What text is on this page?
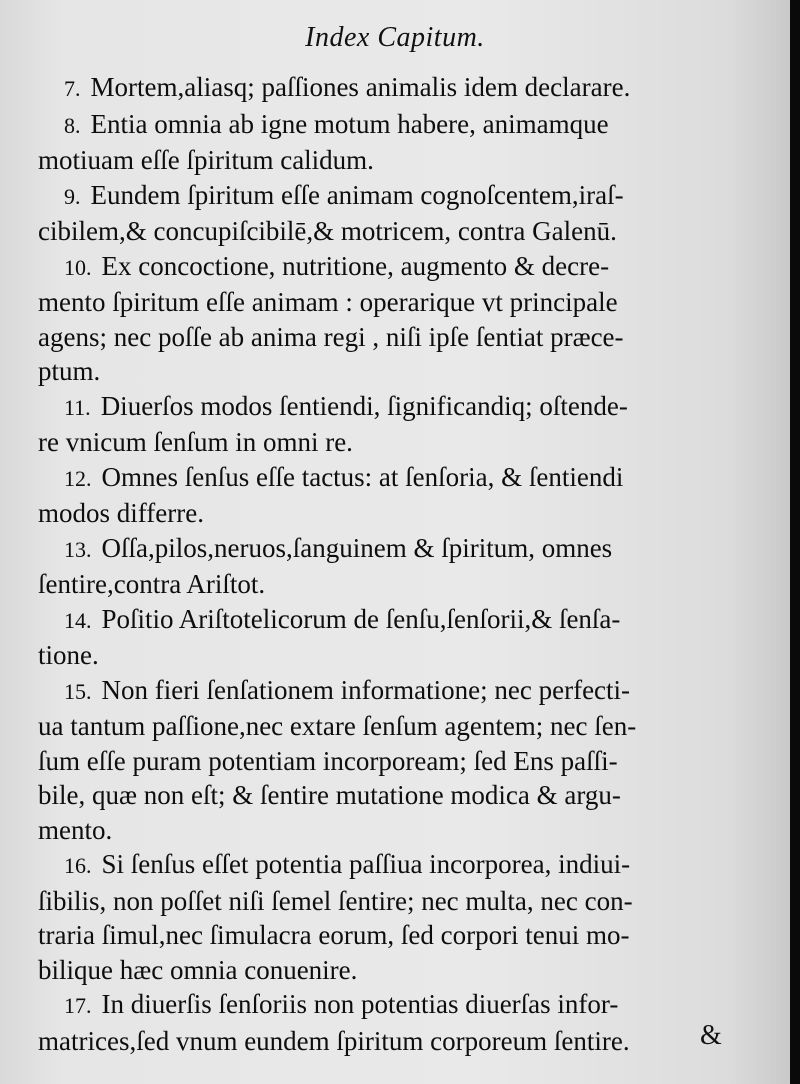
Index Capitum.
7. Mortem,aliasq; paſſiones animalis idem declarare.
8. Entia omnia ab igne motum habere, animamque
motiuam eſſe ſpiritum calidum.
9. Eundem ſpiritum eſſe animam cognoſcentem,iraſ-
cibilem,& concupiſcibilē,& motricem, contra Galenū.
10. Ex concoctione, nutritione, augmento & decre-
mento ſpiritum eſſe animam : operarique vt principale
agens; nec poſſe ab anima regi , niſi ipſe ſentiat præce-
ptum.
11. Diuerſos modos ſentiendi, ſignificandiq; oſtende-
re vnicum ſenſum in omni re.
12. Omnes ſenſus eſſe tactus: at ſenſoria, & ſentiendi
modos differre.
13. Oſſa,pilos,neruos,ſanguinem & ſpiritum, omnes
ſentire,contra Ariſtot.
14. Poſitio Ariſtotelicorum de ſenſu,ſenſorii,& ſenſa-
tione.
15. Non fieri ſenſationem informatione; nec perfecti-
ua tantum paſſione,nec extare ſenſum agentem; nec ſen-
ſum eſſe puram potentiam incorpoream; ſed Ens paſſi-
bile, quæ non eſt; & ſentire mutatione modica & argu-
mento.
16. Si ſenſus eſſet potentia paſſiua incorporea, indiui-
ſibilis, non poſſet niſi ſemel ſentire; nec multa, nec con-
traria ſimul,nec ſimulacra eorum, ſed corpori tenui mo-
bilique hæc omnia conuenire.
17. In diuerſis ſenſoriis non potentias diuerſas infor-
matrices,ſed vnum eundem ſpiritum corporeum ſentire.	&
